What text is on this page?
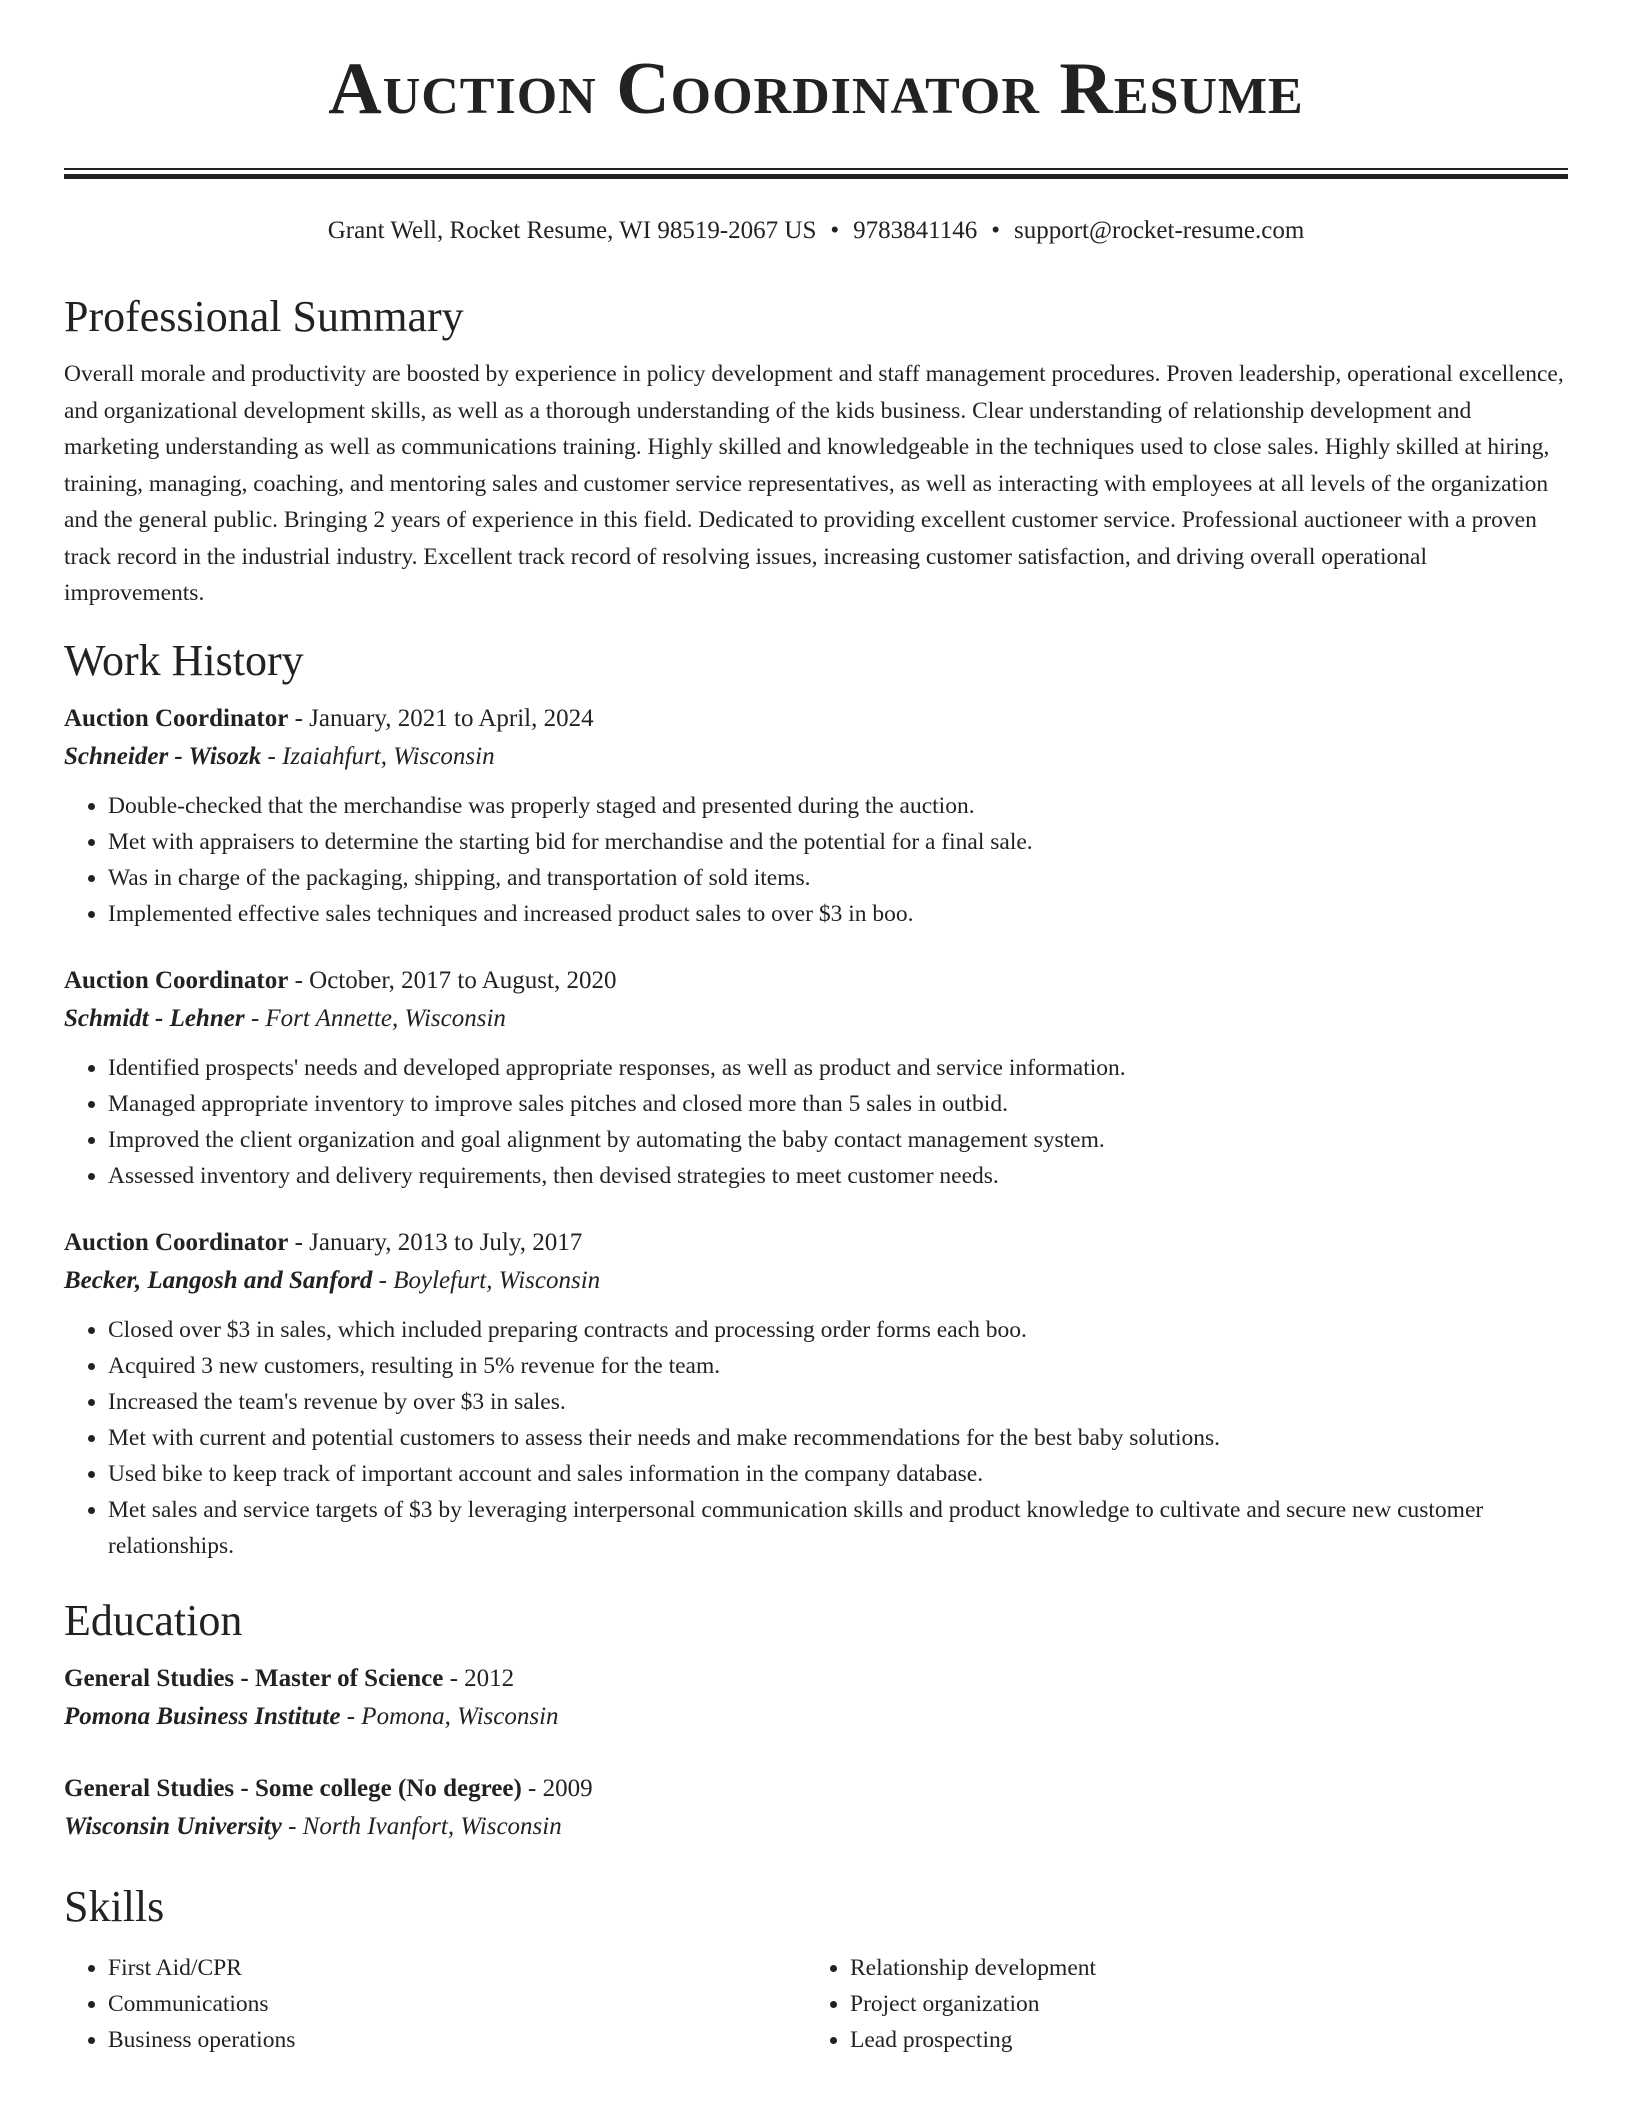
Auction Coordinator Resume
Grant Well, Rocket Resume, WI 98519-2067 US • 9783841146 • support@rocket-resume.com
Professional Summary

Overall morale and productivity are boosted by experience in policy development and staff management procedures. Proven leadership, operational excellence, and organizational development skills, as well as a thorough understanding of the kids business. Clear understanding of relationship development and marketing understanding as well as communications training. Highly skilled and knowledgeable in the techniques used to close sales. Highly skilled at hiring, training, managing, coaching, and mentoring sales and customer service representatives, as well as interacting with employees at all levels of the organization and the general public. Bringing 2 years of experience in this field. Dedicated to providing excellent customer service. Professional auctioneer with a proven track record in the industrial industry. Excellent track record of resolving issues, increasing customer satisfaction, and driving overall operational improvements.

Work History
Auction Coordinator - January, 2021 to April, 2024
Schneider - Wisozk - Izaiahfurt, Wisconsin
• Double-checked that the merchandise was properly staged and presented during the auction.
• Met with appraisers to determine the starting bid for merchandise and the potential for a final sale.
• Was in charge of the packaging, shipping, and transportation of sold items.
• Implemented effective sales techniques and increased product sales to over $3 in boo.
Auction Coordinator - October, 2017 to August, 2020
Schmidt - Lehner - Fort Annette, Wisconsin
• Identified prospects' needs and developed appropriate responses, as well as product and service information.
• Managed appropriate inventory to improve sales pitches and closed more than 5 sales in outbid.
• Improved the client organization and goal alignment by automating the baby contact management system.
• Assessed inventory and delivery requirements, then devised strategies to meet customer needs.
Auction Coordinator - January, 2013 to July, 2017
Becker, Langosh and Sanford - Boylefurt, Wisconsin
• Closed over $3 in sales, which included preparing contracts and processing order forms each boo.
• Acquired 3 new customers, resulting in 5% revenue for the team.
• Increased the team's revenue by over $3 in sales.
• Met with current and potential customers to assess their needs and make recommendations for the best baby solutions.
• Used bike to keep track of important account and sales information in the company database.
• Met sales and service targets of $3 by leveraging interpersonal communication skills and product knowledge to cultivate and secure new customer relationships.
Education
General Studies - Master of Science - 2012
Pomona Business Institute - Pomona, Wisconsin
General Studies - Some college (No degree) - 2009
Wisconsin University - North Ivanfort, Wisconsin
Skills
• First Aid/CPR
• Communications
• Business operations
• Relationship development
• Project organization
• Lead prospecting
